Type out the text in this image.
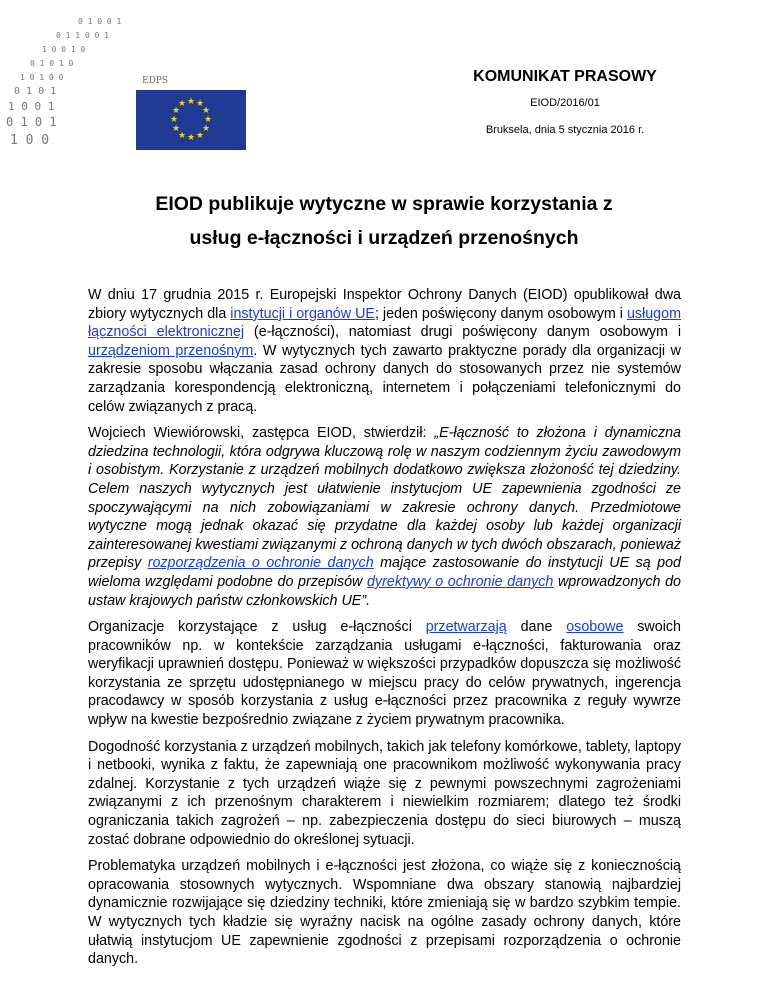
0 1 0 0 1
0 1 1 0 0 1
1 0 0 1 0
0 1 0 1 0
1 0 1 0 0
0 1 0 1
1 0 0 1
0 1 0 1
1 0 0
EDPS
★ ★
★
★
★
★
★
★
★
★
★
★
KOMUNIKAT PRASOWY
EIOD/2016/01
Bruksela, dnia 5 stycznia 2016 r.
EIOD publikuje wytyczne w sprawie korzystania z
usług e-łączności i urządzeń przenośnych

W dniu 17 grudnia 2015 r. Europejski Inspektor Ochrony Danych (EIOD) opublikował dwa zbiory wytycznych dla instytucji i organów UE; jeden poświęcony danym osobowym i usługom łączności elektronicznej (e-łączności), natomiast drugi poświęcony danym osobowym i urządzeniom przenośnym. W wytycznych tych zawarto praktyczne porady dla organizacji w zakresie sposobu włączania zasad ochrony danych do stosowanych przez nie systemów zarządzania korespondencją elektroniczną, internetem i połączeniami telefonicznymi do celów związanych z pracą.

Wojciech Wiewiórowski, zastępca EIOD, stwierdził: „E-łączność to złożona i dynamiczna dziedzina technologii, która odgrywa kluczową rolę w naszym codziennym życiu zawodowym i osobistym. Korzystanie z urządzeń mobilnych dodatkowo zwiększa złożoność tej dziedziny. Celem naszych wytycznych jest ułatwienie instytucjom UE zapewnienia zgodności ze spoczywającymi na nich zobowiązaniami w zakresie ochrony danych. Przedmiotowe wytyczne mogą jednak okazać się przydatne dla każdej osoby lub każdej organizacji zainteresowanej kwestiami związanymi z ochroną danych w tych dwóch obszarach, ponieważ przepisy rozporządzenia o ochronie danych mające zastosowanie do instytucji UE są pod wieloma względami podobne do przepisów dyrektywy o ochronie danych wprowadzonych do ustaw krajowych państw członkowskich UE”.

Organizacje korzystające z usług e-łączności przetwarzają dane osobowe swoich pracowników np. w kontekście zarządzania usługami e-łączności, fakturowania oraz weryfikacji uprawnień dostępu. Ponieważ w większości przypadków dopuszcza się możliwość korzystania ze sprzętu udostępnianego w miejscu pracy do celów prywatnych, ingerencja pracodawcy w sposób korzystania z usług e-łączności przez pracownika z reguły wywrze wpływ na kwestie bezpośrednio związane z życiem prywatnym pracownika.

Dogodność korzystania z urządzeń mobilnych, takich jak telefony komórkowe, tablety, laptopy i netbooki, wynika z faktu, że zapewniają one pracownikom możliwość wykonywania pracy zdalnej. Korzystanie z tych urządzeń wiąże się z pewnymi powszechnymi zagrożeniami związanymi z ich przenośnym charakterem i niewielkim rozmiarem; dlatego też środki ograniczania takich zagrożeń – np. zabezpieczenia dostępu do sieci biurowych – muszą zostać dobrane odpowiednio do określonej sytuacji.

Problematyka urządzeń mobilnych i e-łączności jest złożona, co wiąże się z koniecznością opracowania stosownych wytycznych. Wspomniane dwa obszary stanowią najbardziej dynamicznie rozwijające się dziedziny techniki, które zmieniają się w bardzo szybkim tempie. W wytycznych tych kładzie się wyraźny nacisk na ogólne zasady ochrony danych, które ułatwią instytucjom UE zapewnienie zgodności z przepisami rozporządzenia o ochronie danych.
